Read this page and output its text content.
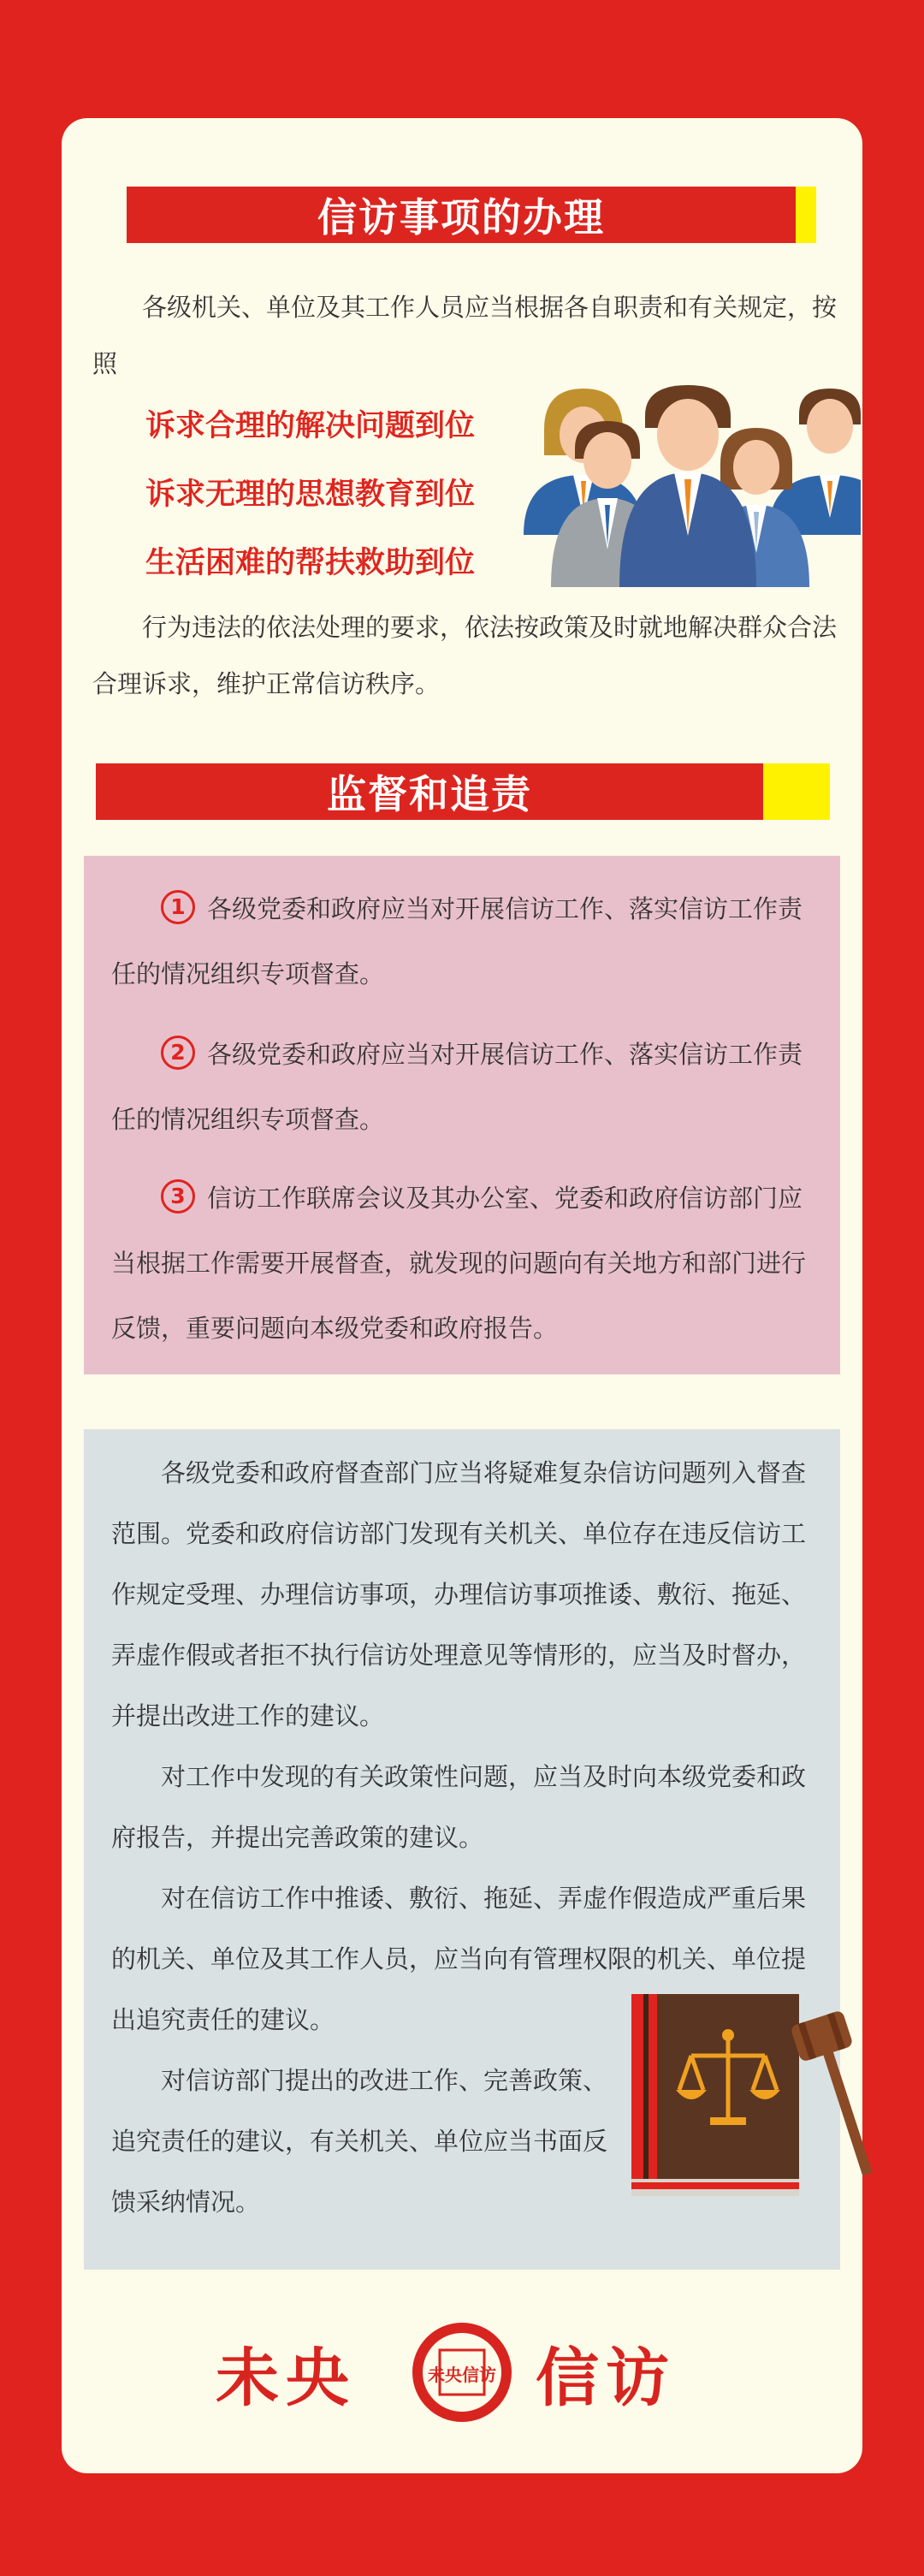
信访事项的办理
各级机关、单位及其工作人员应当根据各自职责和有关规定，按照
诉求合理的解决问题到位
诉求无理的思想教育到位
生活困难的帮扶救助到位
行为违法的依法处理的要求，依法按政策及时就地解决群众合法合理诉求，维护正常信访秩序。
监督和追责
1 各级党委和政府应当对开展信访工作、落实信访工作责任的情况组织专项督查。
2 各级党委和政府应当对开展信访工作、落实信访工作责任的情况组织专项督查。
3 信访工作联席会议及其办公室、党委和政府信访部门应当根据工作需要开展督查，就发现的问题向有关地方和部门进行反馈，重要问题向本级党委和政府报告。
各级党委和政府督查部门应当将疑难复杂信访问题列入督查范围。党委和政府信访部门发现有关机关、单位存在违反信访工作规定受理、办理信访事项，办理信访事项推诿、敷衍、拖延、弄虚作假或者拒不执行信访处理意见等情形的，应当及时督办，并提出改进工作的建议。
对工作中发现的有关政策性问题，应当及时向本级党委和政府报告，并提出完善政策的建议。
对在信访工作中推诿、敷衍、拖延、弄虚作假造成严重后果的机关、单位及其工作人员，应当向有管理权限的机关、单位提出追究责任的建议。
对信访部门提出的改进工作、完善政策、追究责任的建议，有关机关、单位应当书面反馈采纳情况。
未央	未央信访 信访
